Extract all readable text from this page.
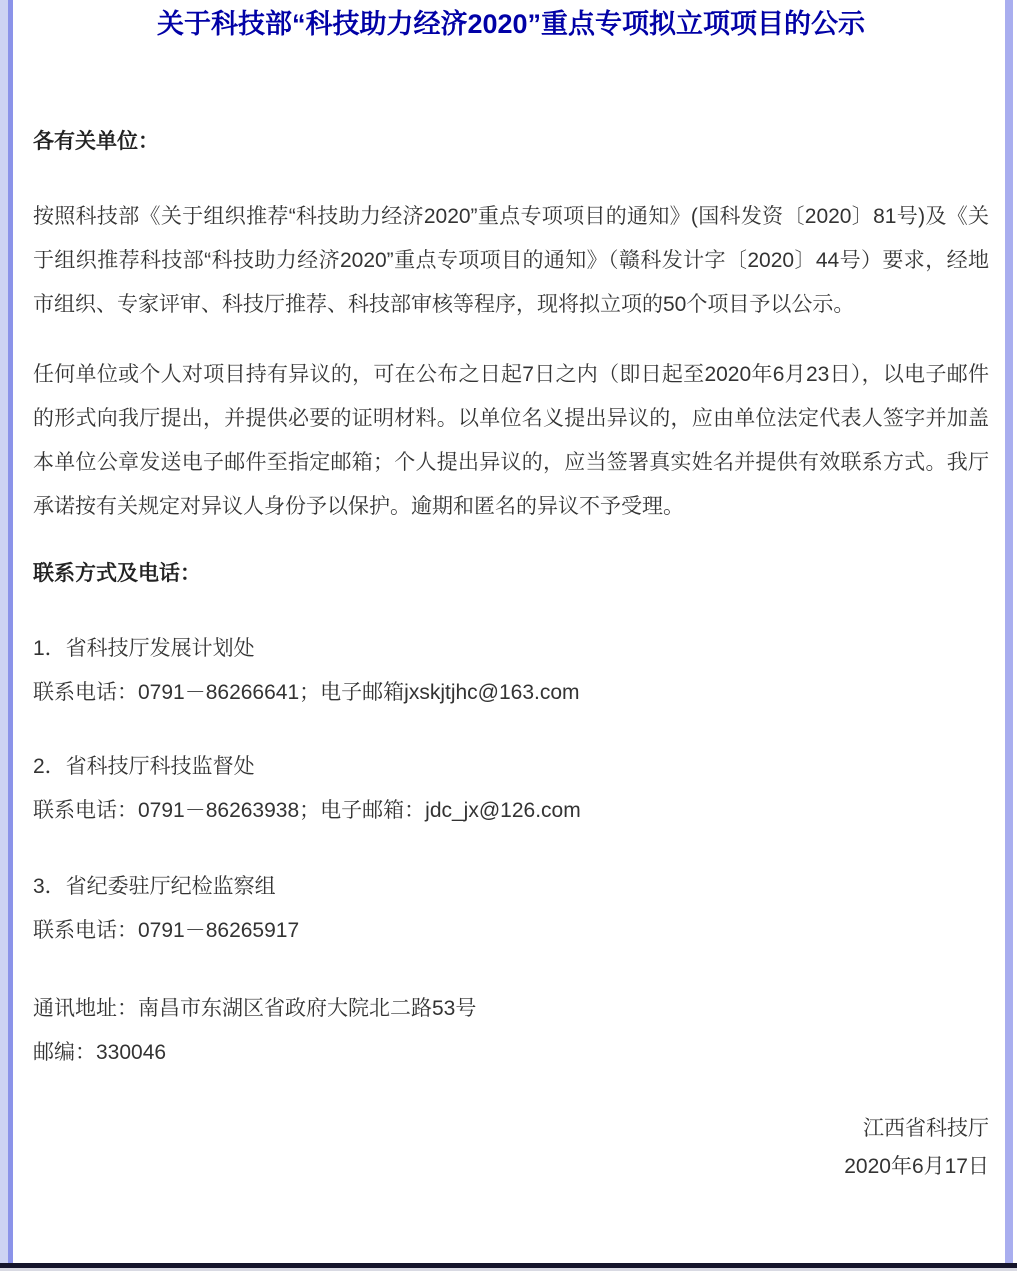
关于科技部“科技助力经济2020”重点专项拟立项项目的公示

各有关单位：

按照科技部《关于组织推荐“科技助力经济2020”重点专项项目的通知》(国科发资〔2020〕81号)及《关于组织推荐科技部“科技助力经济2020”重点专项项目的通知》（赣科发计字〔2020〕44号）要求，经地市组织、专家评审、科技厅推荐、科技部审核等程序，现将拟立项的50个项目予以公示。

任何单位或个人对项目持有异议的，可在公布之日起7日之内（即日起至2020年6月23日），以电子邮件的形式向我厅提出，并提供必要的证明材料。以单位名义提出异议的，应由单位法定代表人签字并加盖本单位公章发送电子邮件至指定邮箱；个人提出异议的，应当签署真实姓名并提供有效联系方式。我厅承诺按有关规定对异议人身份予以保护。逾期和匿名的异议不予受理。

联系方式及电话：

1．省科技厅发展计划处
联系电话：0791－86266641；电子邮箱jxskjtjhc@163.com

2．省科技厅科技监督处
联系电话：0791－86263938；电子邮箱：jdc_jx@126.com

3．省纪委驻厅纪检监察组
联系电话：0791－86265917

通讯地址：南昌市东湖区省政府大院北二路53号
邮编：330046

江西省科技厅
2020年6月17日
